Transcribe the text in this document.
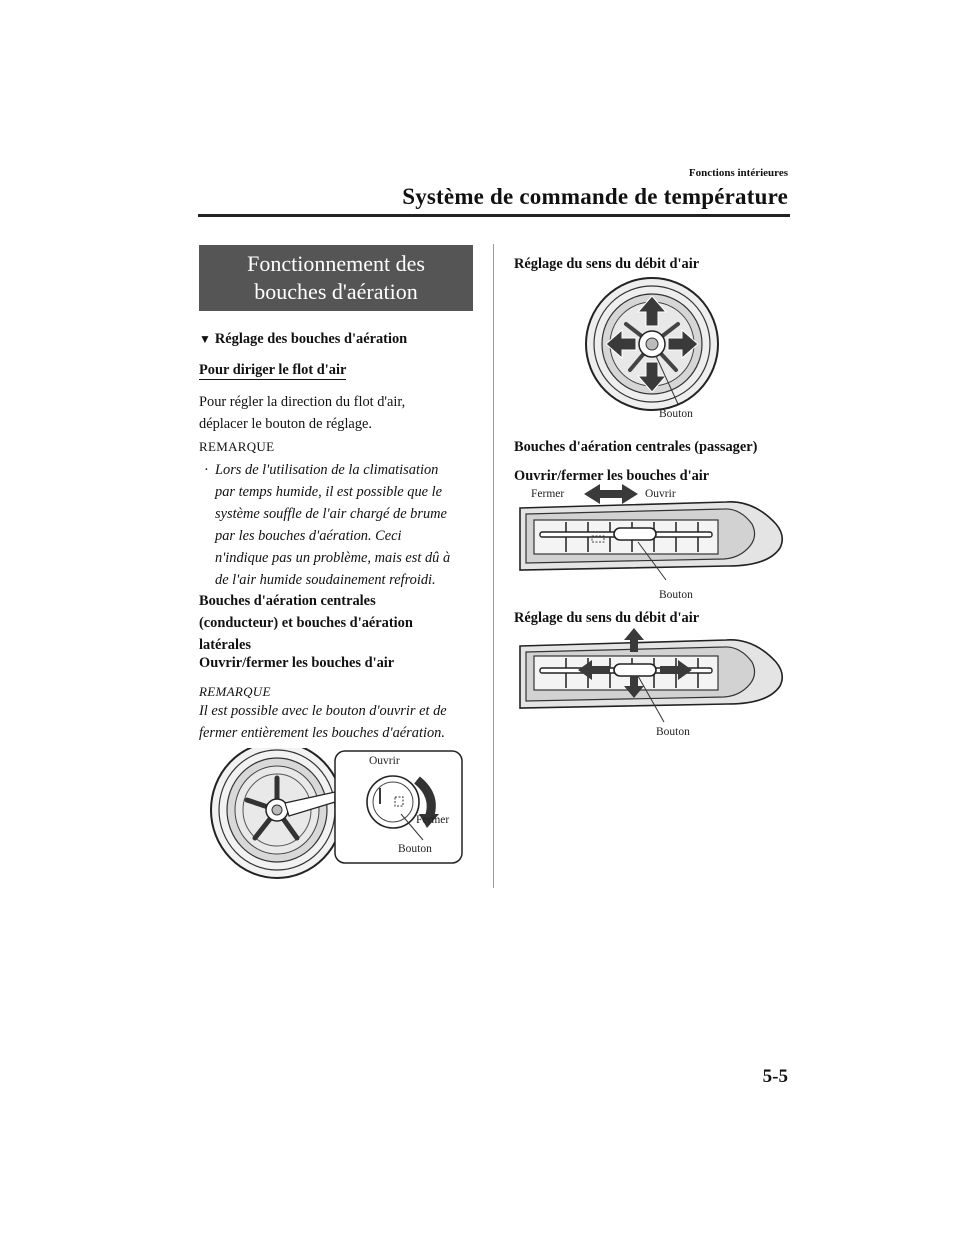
Fonctions intérieures
Système de commande de température
Fonctionnement des
bouches d'aération
▼ Réglage des bouches d'aération
Pour diriger le flot d'air
Pour régler la direction du flot d'air,
déplacer le bouton de réglage.
REMARQUE
· Lors de l'utilisation de la climatisation
par temps humide, il est possible que le
système souffle de l'air chargé de brume
par les bouches d'aération. Ceci
n'indique pas un problème, mais est dû à
de l'air humide soudainement refroidi.
Bouches d'aération centrales
(conducteur) et bouches d'aération
latérales
Ouvrir/fermer les bouches d'air
REMARQUE
Il est possible avec le bouton d'ouvrir et de
fermer entièrement les bouches d'aération.
Ouvrir
Fermer
Bouton
Réglage du sens du débit d'air
Bouton
Bouches d'aération centrales (passager)
Ouvrir/fermer les bouches d'air
Fermer	Ouvrir
Bouton
Réglage du sens du débit d'air
Bouton
5-5
